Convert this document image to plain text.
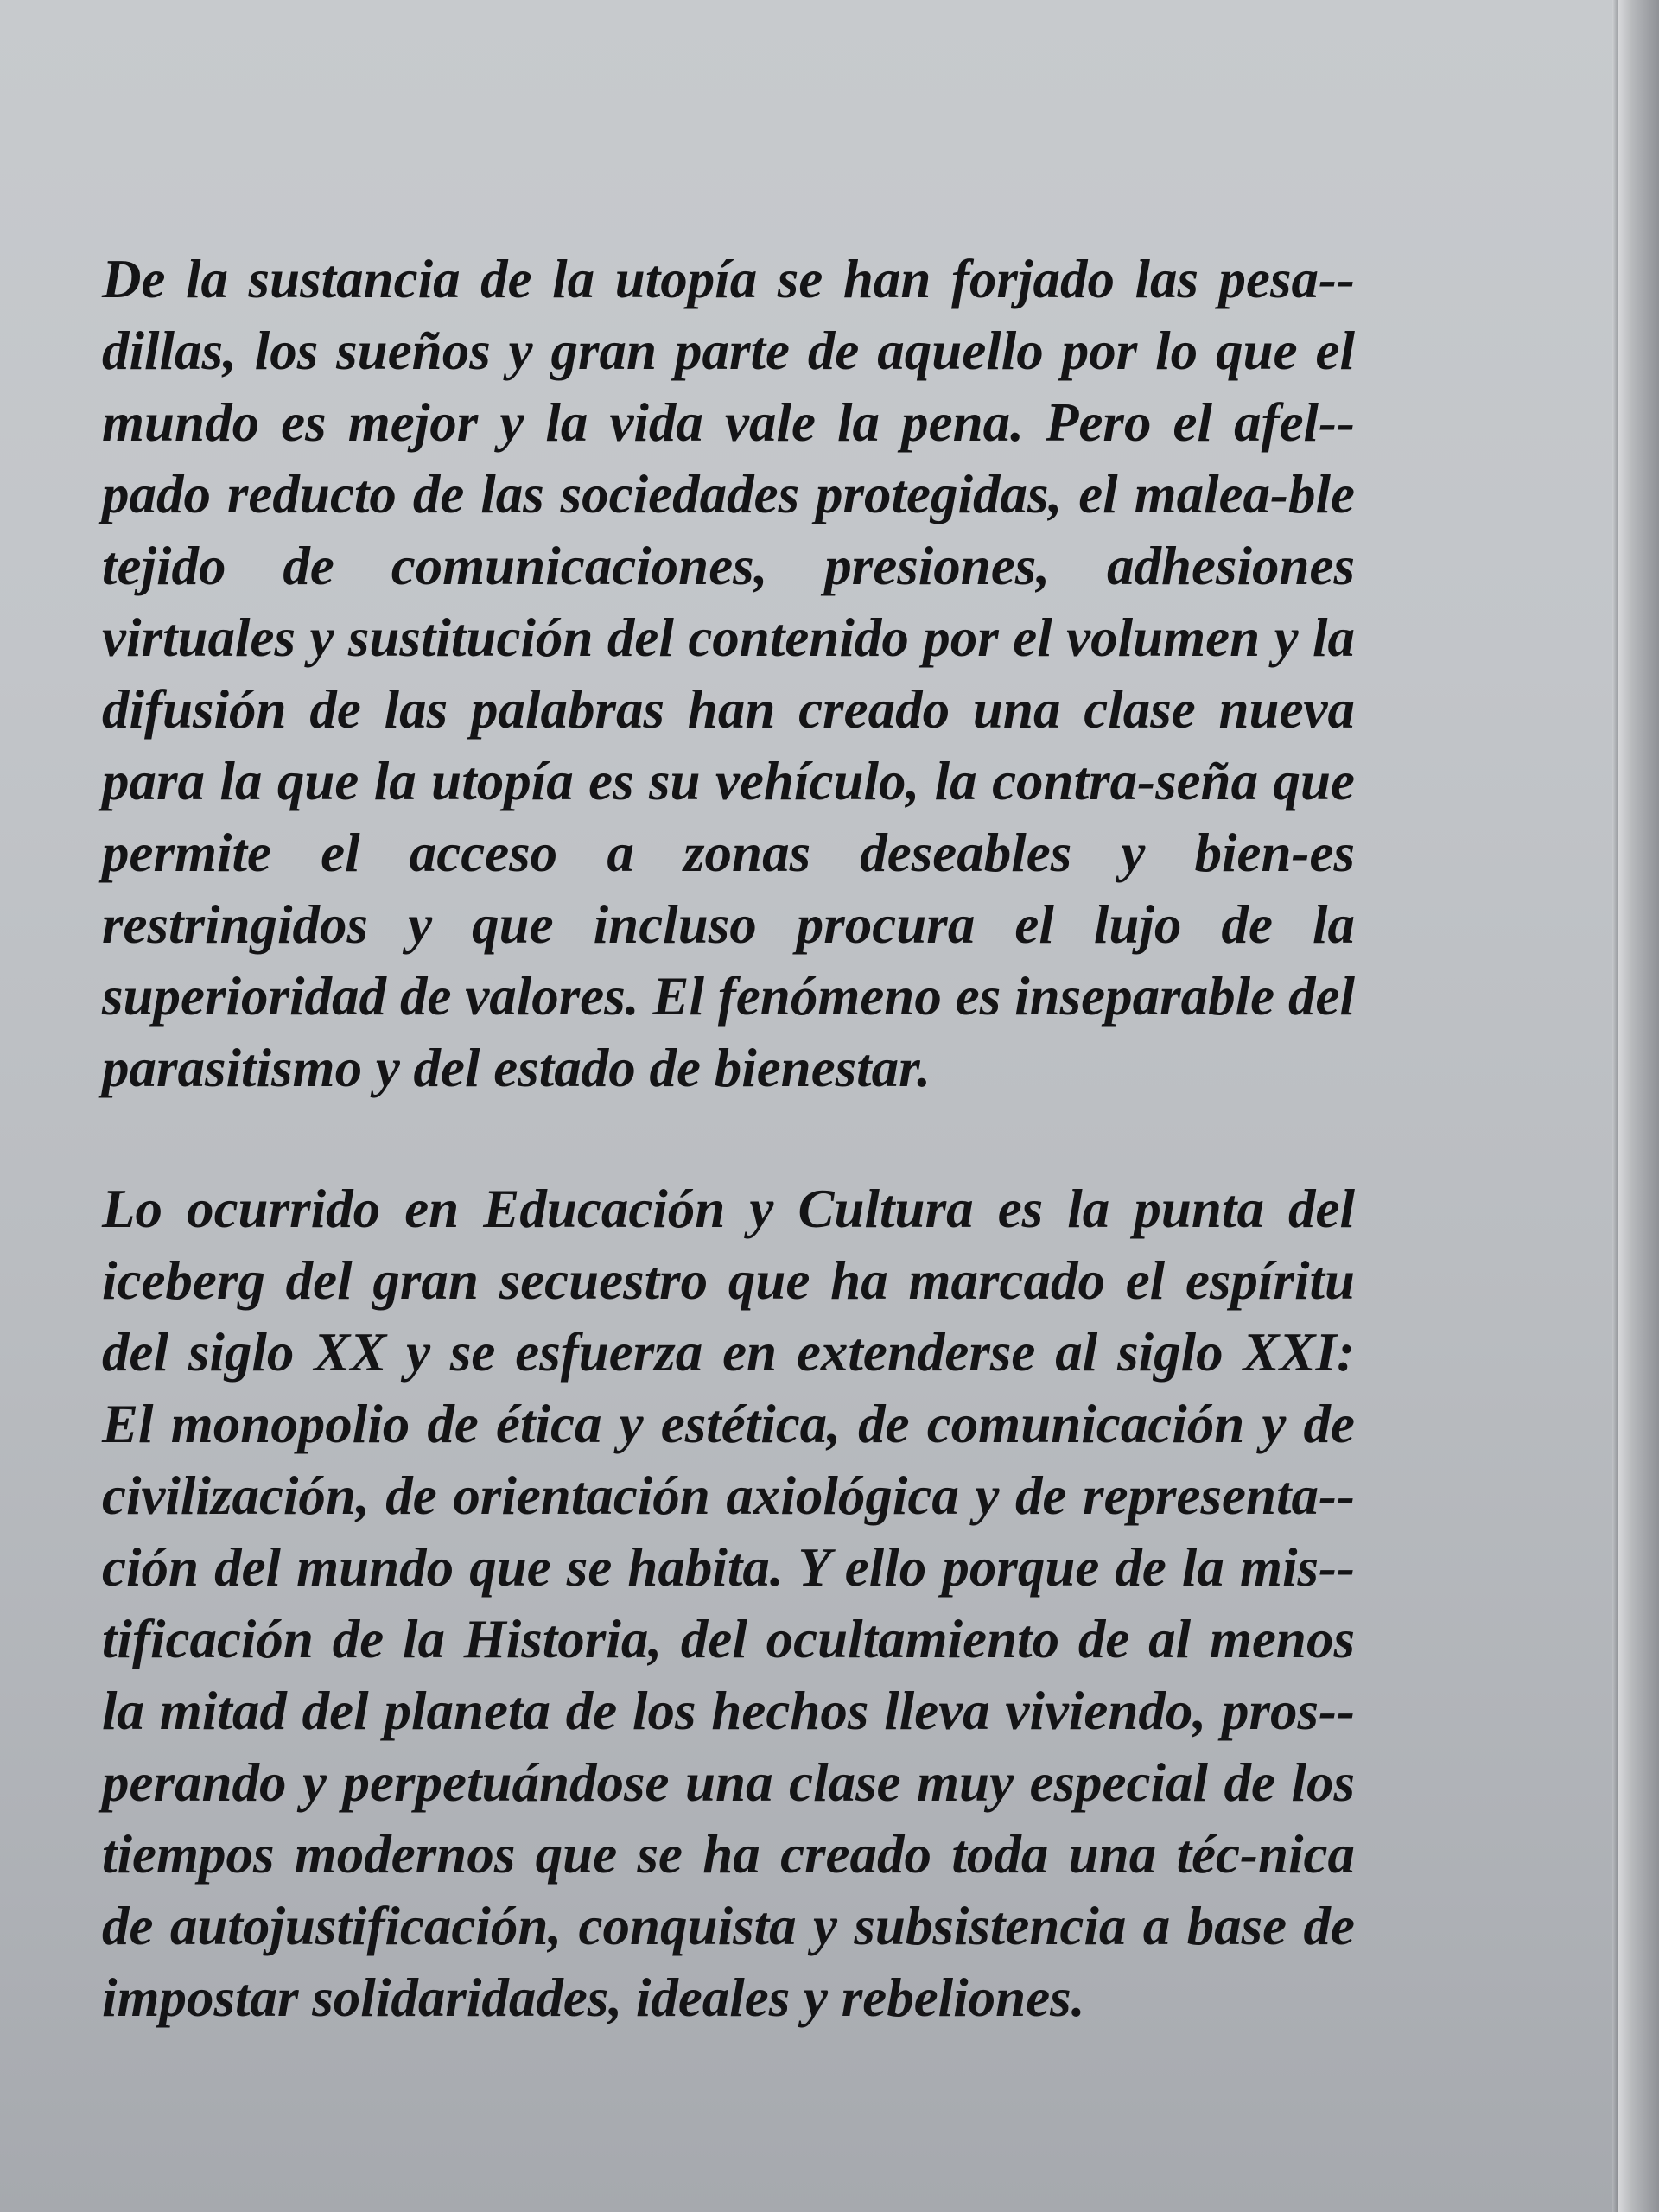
De la sustancia de la utopía se han forjado las pesa-dillas, los sueños y gran parte de aquello por lo que el mundo es mejor y la vida vale la pena. Pero el afel-pado reducto de las sociedades protegidas, el malea-ble tejido de comunicaciones, presiones, adhesiones virtuales y sustitución del contenido por el volumen y la difusión de las palabras han creado una clase nueva para la que la utopía es su vehículo, la contra-seña que permite el acceso a zonas deseables y bien-es restringidos y que incluso procura el lujo de la superioridad de valores. El fenómeno es inseparable del parasitismo y del estado de bienestar.

Lo ocurrido en Educación y Cultura es la punta del iceberg del gran secuestro que ha marcado el espíritu del siglo XX y se esfuerza en extenderse al siglo XXI: El monopolio de ética y estética, de comunicación y de civilización, de orientación axiológica y de representa-ción del mundo que se habita. Y ello porque de la mis-tificación de la Historia, del ocultamiento de al menos la mitad del planeta de los hechos lleva viviendo, pros-perando y perpetuándose una clase muy especial de los tiempos modernos que se ha creado toda una téc-nica de autojustificación, conquista y subsistencia a base de impostar solidaridades, ideales y rebeliones.
